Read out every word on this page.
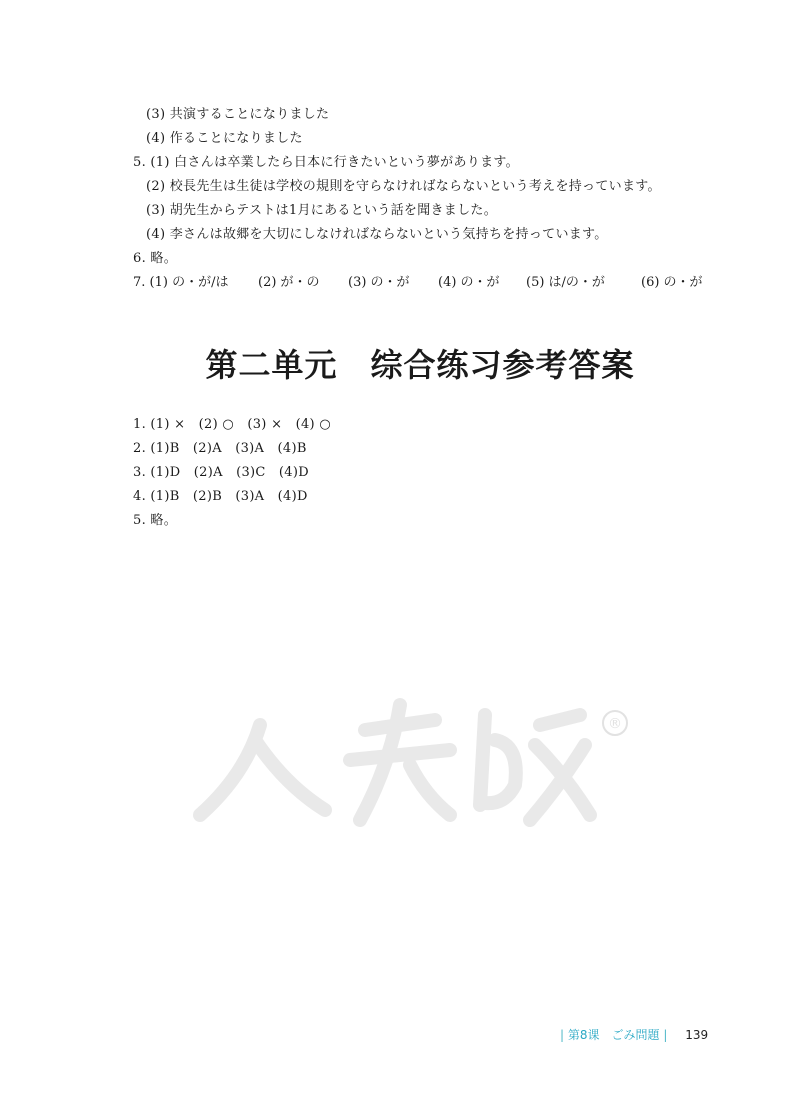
(3) 共演することになりました
(4) 作ることになりました
5. (1) 白さんは卒業したら日本に行きたいという夢があります。
(2) 校長先生は生徒は学校の規則を守らなければならないという考えを持っています。
(3) 胡先生からテストは1月にあるという話を聞きました。
(4) 李さんは故郷を大切にしなければならないという気持ちを持っています。
6. 略。
7. (1) の・が/は (2) が・の (3) の・が (4) の・が (5) は/の・が	(6) の・が
第二单元　综合练习参考答案
1. (1) ×　(2) ○　(3) ×　(4) ○
2. (1)B　(2)A　(3)A　(4)B
3. (1)D　(2)A　(3)C　(4)D
4. (1)B　(2)B　(3)A　(4)D
5. 略。
®
| 第8课　ごみ問題 | 139
